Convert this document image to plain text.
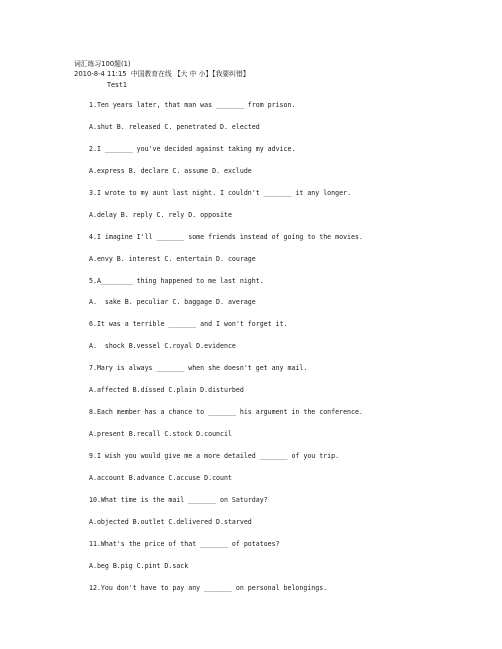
词汇练习100题(1)
2010-8-4 11:15  中国教育在线 【大 中 小】【我要纠错】
Test1
1.Ten years later, that man was _______ from prison.
A.shut B. released C. penetrated D. elected
2.I _______ you've decided against taking my advice.
A.express B. declare C. assume D. exclude
3.I wrote to my aunt last night. I couldn't _______ it any longer.
A.delay B. reply C. rely D. opposite
4.I imagine I'll _______ some friends instead of going to the movies.
A.envy B. interest C. entertain D. courage
5.A________ thing happened to me last night.
A.  sake B. peculiar C. baggage D. average
6.It was a terrible _______ and I won't forget it.
A.  shock B.vessel C.royal D.evidence
7.Mary is always _______ when she doesn't get any mail.
A.affected B.dissed C.plain D.disturbed
8.Each member has a chance to _______ his argument in the conference.
A.present B.recall C.stock D.council
9.I wish you would give me a more detailed _______ of you trip.
A.account B.advance C.accuse D.count
10.What time is the mail _______ on Saturday?
A.objected B.outlet C.delivered D.starved
11.What's the price of that _______ of potatoes?
A.beg B.pig C.pint D.sack
12.You don't have to pay any _______ on personal belongings.
